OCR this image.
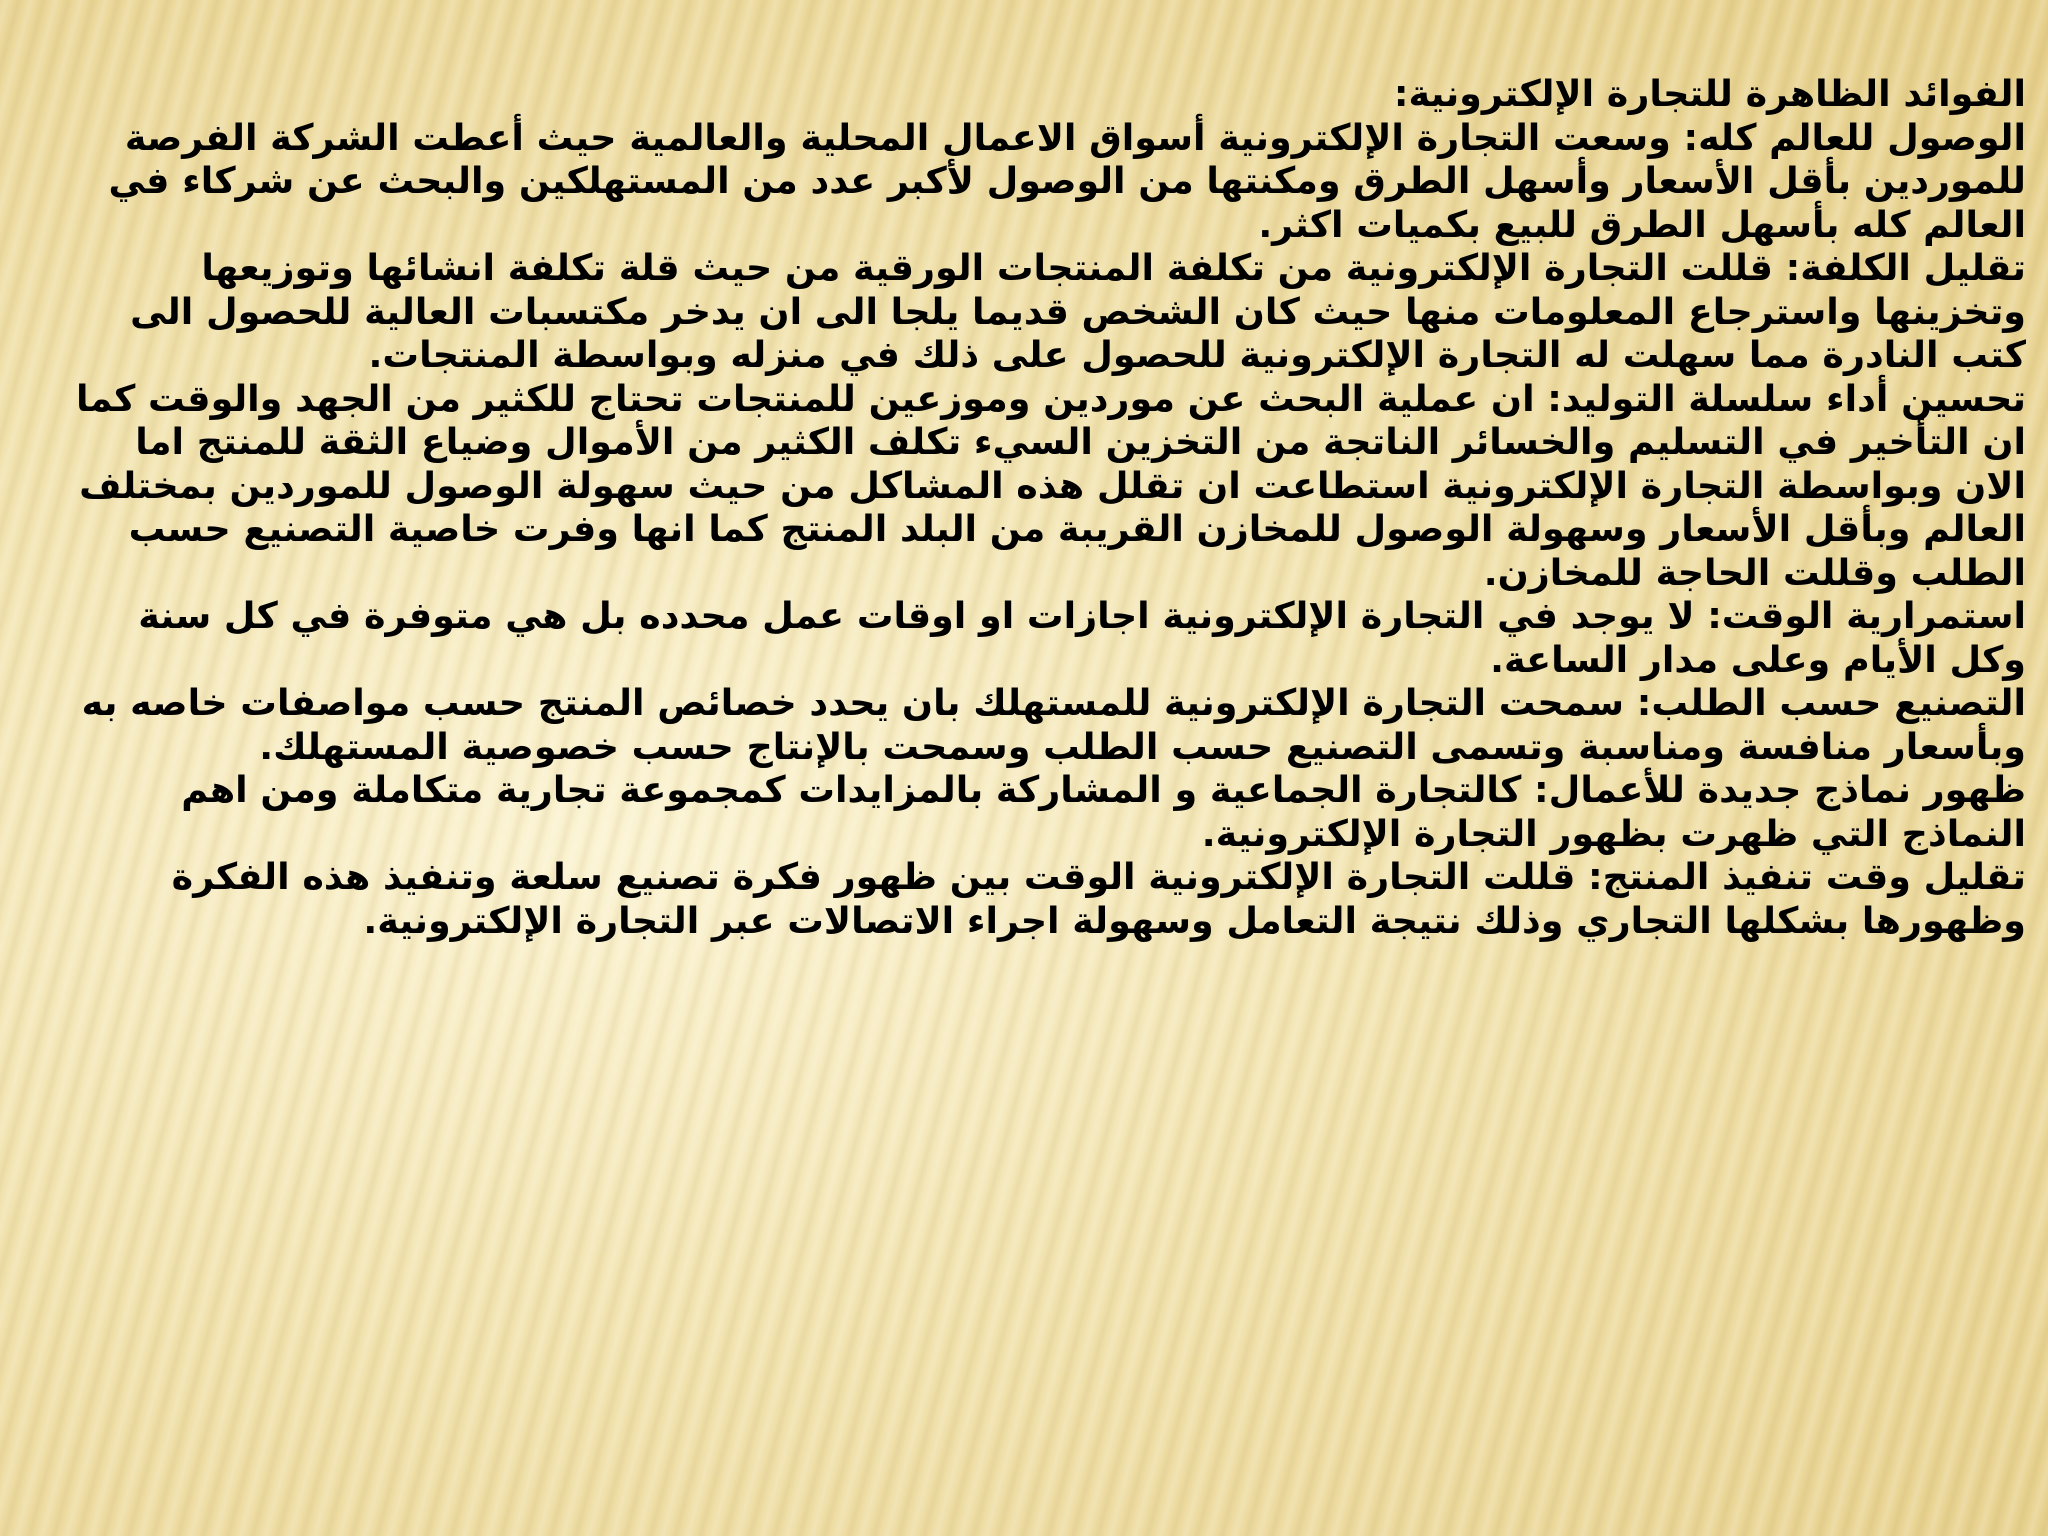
الفوائد الظاهرة للتجارة الإلكترونية:

الوصول للعالم كله: وسعت التجارة الإلكترونية أسواق الاعمال المحلية والعالمية حيث أعطت الشركة الفرصة للموردين بأقل الأسعار وأسهل الطرق ومكنتها من الوصول لأكبر عدد من المستهلكين والبحث عن شركاء في العالم كله بأسهل الطرق للبيع بكميات اكثر.

تقليل الكلفة: قللت التجارة الإلكترونية من تكلفة المنتجات الورقية من حيث قلة تكلفة انشائها وتوزيعها وتخزينها واسترجاع المعلومات منها حيث كان الشخص قديما يلجا الى ان يدخر مكتسبات العالية للحصول الى كتب النادرة مما سهلت له التجارة الإلكترونية للحصول على ذلك في منزله وبواسطة المنتجات.

تحسين أداء سلسلة التوليد: ان عملية البحث عن موردين وموزعين للمنتجات تحتاج للكثير من الجهد والوقت كما ان التأخير في التسليم والخسائر الناتجة من التخزين السيء تكلف الكثير من الأموال وضياع الثقة للمنتج اما الان وبواسطة التجارة الإلكترونية استطاعت ان تقلل هذه المشاكل من حيث سهولة الوصول للموردين بمختلف العالم وبأقل الأسعار وسهولة الوصول للمخازن القريبة من البلد المنتج كما انها وفرت خاصية التصنيع حسب الطلب وقللت الحاجة للمخازن.

استمرارية الوقت: لا يوجد في التجارة الإلكترونية اجازات او اوقات عمل محدده بل هي متوفرة في كل سنة وكل الأيام وعلى مدار الساعة.

التصنيع حسب الطلب: سمحت التجارة الإلكترونية للمستهلك بان يحدد خصائص المنتج حسب مواصفات خاصه به وبأسعار منافسة ومناسبة وتسمى التصنيع حسب الطلب وسمحت بالإنتاج حسب خصوصية المستهلك.

ظهور نماذج جديدة للأعمال: كالتجارة الجماعية و المشاركة بالمزايدات كمجموعة تجارية متكاملة ومن اهم النماذج التي ظهرت بظهور التجارة الإلكترونية.

تقليل وقت تنفيذ المنتج: قللت التجارة الإلكترونية الوقت بين ظهور فكرة تصنيع سلعة وتنفيذ هذه الفكرة وظهورها بشكلها التجاري وذلك نتيجة التعامل وسهولة اجراء الاتصالات عبر التجارة الإلكترونية.
